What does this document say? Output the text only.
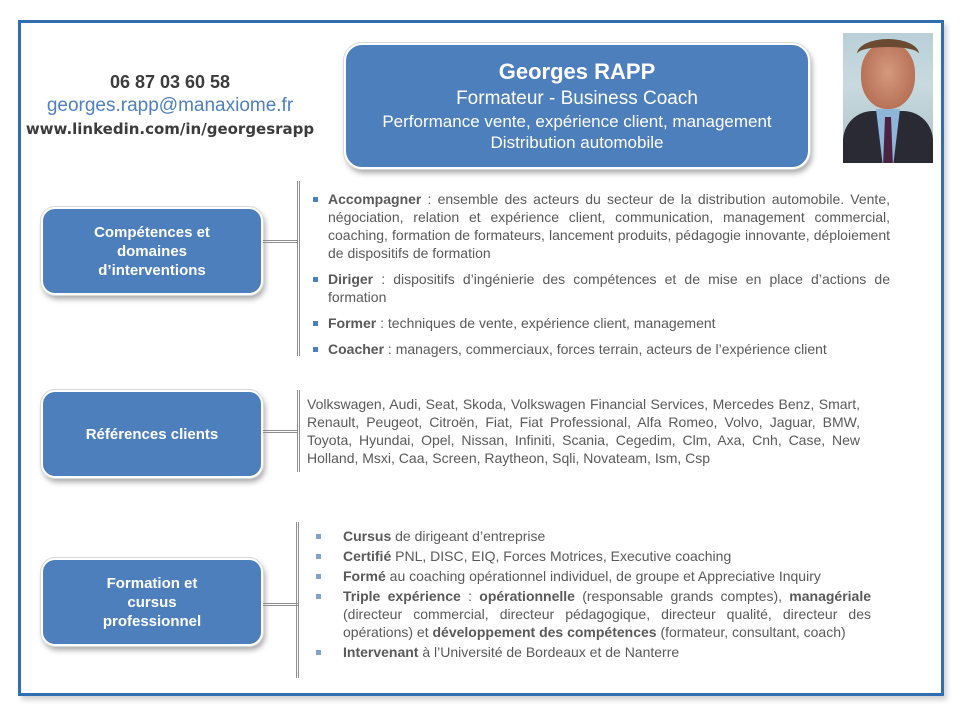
06 87 03 60 58
georges.rapp@manaxiome.fr
www.linkedin.com/in/georgesrapp
Georges RAPP
Formateur - Business Coach
Performance vente, expérience client, management
Distribution automobile
Compétences et
domaines
d’interventions
Accompagner : ensemble des acteurs du secteur de la distribution automobile. Vente, négociation, relation et expérience client, communication, management commercial, coaching, formation de formateurs, lancement produits, pédagogie innovante, déploiement de dispositifs de formation
Diriger : dispositifs d’ingénierie des compétences et de mise en place d’actions de formation
Former : techniques de vente, expérience client, management
Coacher : managers, commerciaux, forces terrain, acteurs de l’expérience client
Références clients
Volkswagen, Audi, Seat, Skoda, Volkswagen Financial Services, Mercedes Benz, Smart, Renault, Peugeot, Citroën, Fiat, Fiat Professional, Alfa Romeo, Volvo, Jaguar, BMW, Toyota, Hyundai, Opel, Nissan, Infiniti, Scania, Cegedim, Clm, Axa, Cnh, Case, New Holland, Msxi, Caa, Screen, Raytheon, Sqli, Novateam, Ism, Csp
Formation et
cursus
professionnel
Cursus de dirigeant d’entreprise
Certifié PNL, DISC, EIQ, Forces Motrices, Executive coaching
Formé au coaching opérationnel individuel, de groupe et Appreciative Inquiry
Triple expérience : opérationnelle (responsable grands comptes), managériale (directeur commercial, directeur pédagogique, directeur qualité, directeur des opérations) et développement des compétences (formateur, consultant, coach)
Intervenant à l’Université de Bordeaux et de Nanterre
